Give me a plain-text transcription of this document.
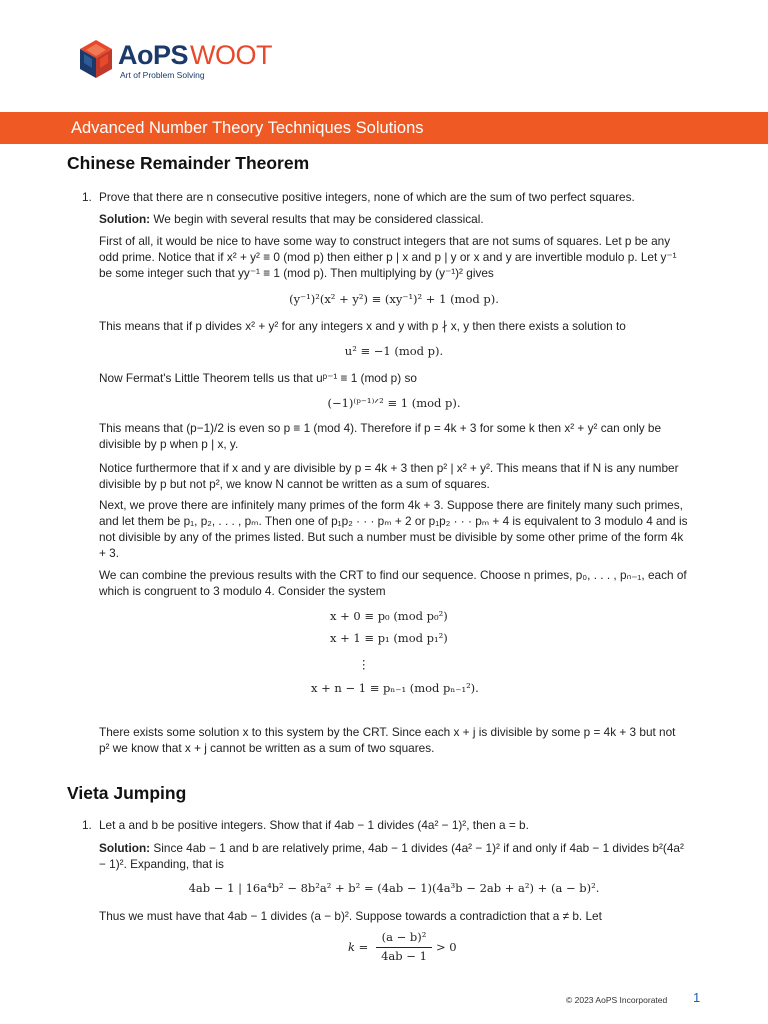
AoPSWOOT
Art of Problem Solving
Advanced Number Theory Techniques Solutions
Chinese Remainder Theorem
1. Prove that there are n consecutive positive integers, none of which are the sum of two perfect squares.
Solution: We begin with several results that may be considered classical.
First of all, it would be nice to have some way to construct integers that are not sums of squares. Let p be any odd prime. Notice that if x² + y² ≡ 0 (mod p) then either p | x and p | y or x and y are invertible modulo p. Let y⁻¹ be some integer such that yy⁻¹ ≡ 1 (mod p). Then multiplying by (y⁻¹)² gives
(y⁻¹)²(x² + y²) ≡ (xy⁻¹)² + 1 (mod p).
This means that if p divides x² + y² for any integers x and y with p ∤ x, y then there exists a solution to
u² ≡ −1 (mod p).
Now Fermat's Little Theorem tells us that uᵖ⁻¹ ≡ 1 (mod p) so
(−1)⁽ᵖ⁻¹⁾ᐟ² ≡ 1 (mod p).
This means that (p−1)/2 is even so p ≡ 1 (mod 4). Therefore if p = 4k + 3 for some k then x² + y² can only be divisible by p when p | x, y.
Notice furthermore that if x and y are divisible by p = 4k + 3 then p² | x² + y². This means that if N is any number divisible by p but not p², we know N cannot be written as a sum of squares.
Next, we prove there are infinitely many primes of the form 4k + 3. Suppose there are finitely many such primes, and let them be p₁, p₂, . . . , pₘ. Then one of p₁p₂ · · · pₘ + 2 or p₁p₂ · · · pₘ + 4 is equivalent to 3 modulo 4 and is not divisible by any of the primes listed. But such a number must be divisible by some other prime of the form 4k + 3.
We can combine the previous results with the CRT to find our sequence. Choose n primes, p₀, . . . , pₙ₋₁, each of which is congruent to 3 modulo 4. Consider the system
x + 0 ≡ p₀ (mod p₀²)
x + 1 ≡ p₁ (mod p₁²)
⋮
x + n − 1 ≡ pₙ₋₁ (mod pₙ₋₁²).
There exists some solution x to this system by the CRT. Since each x + j is divisible by some p = 4k + 3 but not p² we know that x + j cannot be written as a sum of two squares.
Vieta Jumping
1. Let a and b be positive integers. Show that if 4ab − 1 divides (4a² − 1)², then a = b.
Solution: Since 4ab − 1 and b are relatively prime, 4ab − 1 divides (4a² − 1)² if and only if 4ab − 1 divides b²(4a² − 1)². Expanding, that is
4ab − 1 | 16a⁴b² − 8b²a² + b² = (4ab − 1)(4a³b − 2ab + a²) + (a − b)².
Thus we must have that 4ab − 1 divides (a − b)². Suppose towards a contradiction that a ≠ b. Let
k =
(a − b)²
4ab − 1
> 0
© 2023 AoPS Incorporated 1
